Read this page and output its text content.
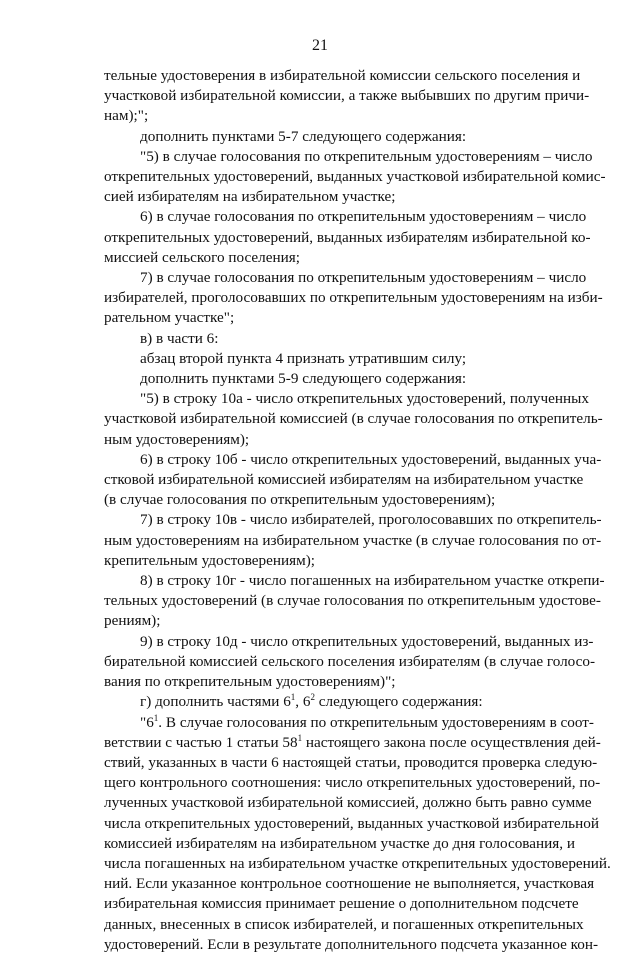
21
тельные удостоверения в избирательной комиссии сельского поселения и
участковой избирательной комиссии, а также выбывших по другим причи-
нам);";
дополнить пунктами 5-7 следующего содержания:
"5) в случае голосования по открепительным удостоверениям – число
открепительных удостоверений, выданных участковой избирательной комис-
сией избирателям на избирательном участке;
6) в случае голосования по открепительным удостоверениям – число
открепительных удостоверений, выданных избирателям избирательной ко-
миссией сельского поселения;
7) в случае голосования по открепительным удостоверениям – число
избирателей, проголосовавших по открепительным удостоверениям на изби-
рательном участке";
в) в части 6:
абзац второй пункта 4 признать утратившим силу;
дополнить пунктами 5-9 следующего содержания:
"5) в строку 10а - число открепительных удостоверений, полученных
участковой избирательной комиссией (в случае голосования по открепитель-
ным удостоверениям);
6) в строку 10б - число открепительных удостоверений, выданных уча-
стковой избирательной комиссией избирателям на избирательном участке
(в случае голосования по открепительным удостоверениям);
7) в строку 10в - число избирателей, проголосовавших по открепитель-
ным удостоверениям на избирательном участке (в случае голосования по от-
крепительным удостоверениям);
8) в строку 10г - число погашенных на избирательном участке открепи-
тельных удостоверений (в случае голосования по открепительным удостове-
рениям);
9) в строку 10д - число открепительных удостоверений, выданных из-
бирательной комиссией сельского поселения избирателям (в случае голосо-
вания по открепительным удостоверениям)";
г) дополнить частями $6^1$, $6^2$ следующего содержания:
"$6^1$. В случае голосования по открепительным удостоверениям в соот-
ветствии с частью 1 статьи $58^1$ настоящего закона после осуществления дей-
ствий, указанных в части 6 настоящей статьи, проводится проверка следую-
щего контрольного соотношения: число открепительных удостоверений, по-
лученных участковой избирательной комиссией, должно быть равно сумме
числа открепительных удостоверений, выданных участковой избирательной
комиссией избирателям на избирательном участке до дня голосования, и
числа погашенных на избирательном участке открепительных удостоверений.
ний. Если указанное контрольное соотношение не выполняется, участковая
избирательная комиссия принимает решение о дополнительном подсчете
данных, внесенных в список избирателей, и погашенных открепительных
удостоверений. Если в результате дополнительного подсчета указанное кон-
